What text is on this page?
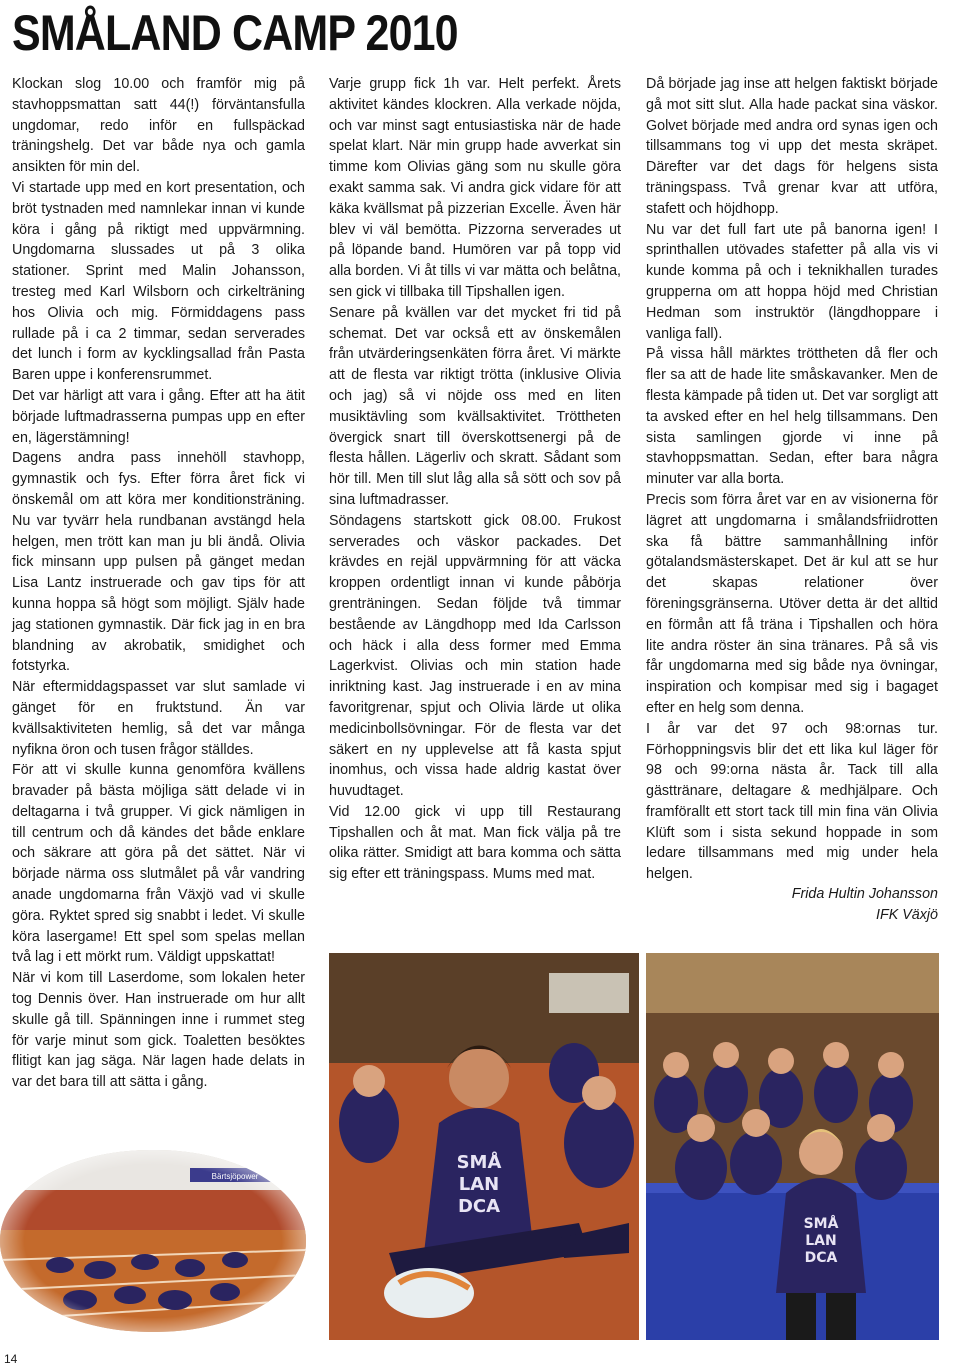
SMÅLAND CAMP 2010

Klockan slog 10.00 och framför mig på stavhoppsmattan satt 44(!) förväntansfulla ungdomar, redo inför en fullspäckad träningshelg. Det var både nya och gamla ansikten för min del.

Vi startade upp med en kort presentation, och bröt tystnaden med namnlekar innan vi kunde köra i gång på riktigt med uppvärmning. Ungdomarna slussades ut på 3 olika stationer. Sprint med Malin Johansson, tresteg med Karl Wilsborn och cirkelträning hos Olivia och mig. Förmiddagens pass rullade på i ca 2 timmar, sedan serverades det lunch i form av kycklingsallad från Pasta Baren uppe i konferensrummet.

Det var härligt att vara i gång. Efter att ha ätit började luftmadrasserna pumpas upp en efter en, lägerstämning!

Dagens andra pass innehöll stavhopp, gymnastik och fys. Efter förra året fick vi önskemål om att köra mer konditionsträning. Nu var tyvärr hela rundbanan avstängd hela helgen, men trött kan man ju bli ändå. Olivia fick minsann upp pulsen på gänget medan Lisa Lantz instruerade och gav tips för att kunna hoppa så högt som möjligt. Själv hade jag stationen gymnastik. Där fick jag in en bra blandning av akrobatik, smidighet och fotstyrka.

När eftermiddagspasset var slut samlade vi gänget för en fruktstund. Än var kvällsaktiviteten hemlig, så det var många nyfikna öron och tusen frågor ställdes.

För att vi skulle kunna genomföra kvällens bravader på bästa möjliga sätt delade vi in deltagarna i två grupper. Vi gick nämligen in till centrum och då kändes det både enklare och säkrare att göra på det sättet. När vi började närma oss slutmålet på vår vandring anade ungdomarna från Växjö vad vi skulle göra. Ryktet spred sig snabbt i ledet. Vi skulle köra lasergame! Ett spel som spelas mellan två lag i ett mörkt rum. Väldigt uppskattat!

När vi kom till Laserdome, som lokalen heter tog Dennis över. Han instruerade om hur allt skulle gå till. Spänningen inne i rummet steg för varje minut som gick. Toaletten besöktes flitigt kan jag säga. När lagen hade delats in var det bara till att sätta i gång.

Varje grupp fick 1h var. Helt perfekt. Årets aktivitet kändes klockren. Alla verkade nöjda, och var minst sagt entusiastiska när de hade spelat klart. När min grupp hade avverkat sin timme kom Olivias gäng som nu skulle göra exakt samma sak. Vi andra gick vidare för att käka kvällsmat på pizzerian Excelle. Även här blev vi väl bemötta. Pizzorna serverades ut på löpande band. Humören var på topp vid alla borden. Vi åt tills vi var mätta och belåtna, sen gick vi tillbaka till Tipshallen igen.

Senare på kvällen var det mycket fri tid på schemat. Det var också ett av önskemålen från utvärderingsenkäten förra året. Vi märkte att de flesta var riktigt trötta (inklusive Olivia och jag) så vi nöjde oss med en liten musiktävling som kvällsaktivitet. Tröttheten övergick snart till överskottsenergi på de flesta hållen. Lägerliv och skratt. Sådant som hör till. Men till slut låg alla så sött och sov på sina luftmadrasser.

Söndagens startskott gick 08.00. Frukost serverades och väskor packades. Det krävdes en rejäl uppvärmning för att väcka kroppen ordentligt innan vi kunde påbörja grenträningen. Sedan följde två timmar bestående av Längdhopp med Ida Carlsson och häck i alla dess former med Emma Lagerkvist. Olivias och min station hade inriktning kast. Jag instruerade i en av mina favoritgrenar, spjut och Olivia lärde ut olika medicinbollsövningar. För de flesta var det säkert en ny upplevelse att få kasta spjut inomhus, och vissa hade aldrig kastat över huvudtaget.

Vid 12.00 gick vi upp till Restaurang Tipshallen och åt mat. Man fick välja på tre olika rätter. Smidigt att bara komma och sätta sig efter ett träningspass. Mums med mat.

Då började jag inse att helgen faktiskt började gå mot sitt slut. Alla hade packat sina väskor. Golvet började med andra ord synas igen och tillsammans tog vi upp det mesta skräpet. Därefter var det dags för helgens sista träningspass. Två grenar kvar att utföra, stafett och höjdhopp.

Nu var det full fart ute på banorna igen! I sprinthallen utövades stafetter på alla vis vi kunde komma på och i teknikhallen turades grupperna om att hoppa höjd med Christian Hedman som instruktör (längdhoppare i vanliga fall).

På vissa håll märktes tröttheten då fler och fler sa att de hade lite småskavanker. Men de flesta kämpade på tiden ut. Det var sorgligt att ta avsked efter en hel helg tillsammans. Den sista samlingen gjorde vi inne på stavhoppsmattan. Sedan, efter bara några minuter var alla borta.

Precis som förra året var en av visionerna för lägret att ungdomarna i smålandsfriidrotten ska få bättre sammanhållning inför götalandsmästerskapet. Det är kul att se hur det skapas relationer över föreningsgränserna. Utöver detta är det alltid en förmån att få träna i Tipshallen och höra lite andra röster än sina tränares. På så vis får ungdomarna med sig både nya övningar, inspiration och kompisar med sig i bagaget efter en helg som denna.

I år var det 97 och 98:ornas tur. Förhoppningsvis blir det ett lika kul läger för 98 och 99:orna nästa år. Tack till alla gästtränare, deltagare & medhjälpare. Och framförallt ett stort tack till min fina vän Olivia Klüft som i sista sekund hoppade in som ledare tillsammans med mig under hela helgen.

Frida Hultin Johansson
IFK Växjö
SMÅ
LAN
DCA
SMÅ
LAN
DCA
14
